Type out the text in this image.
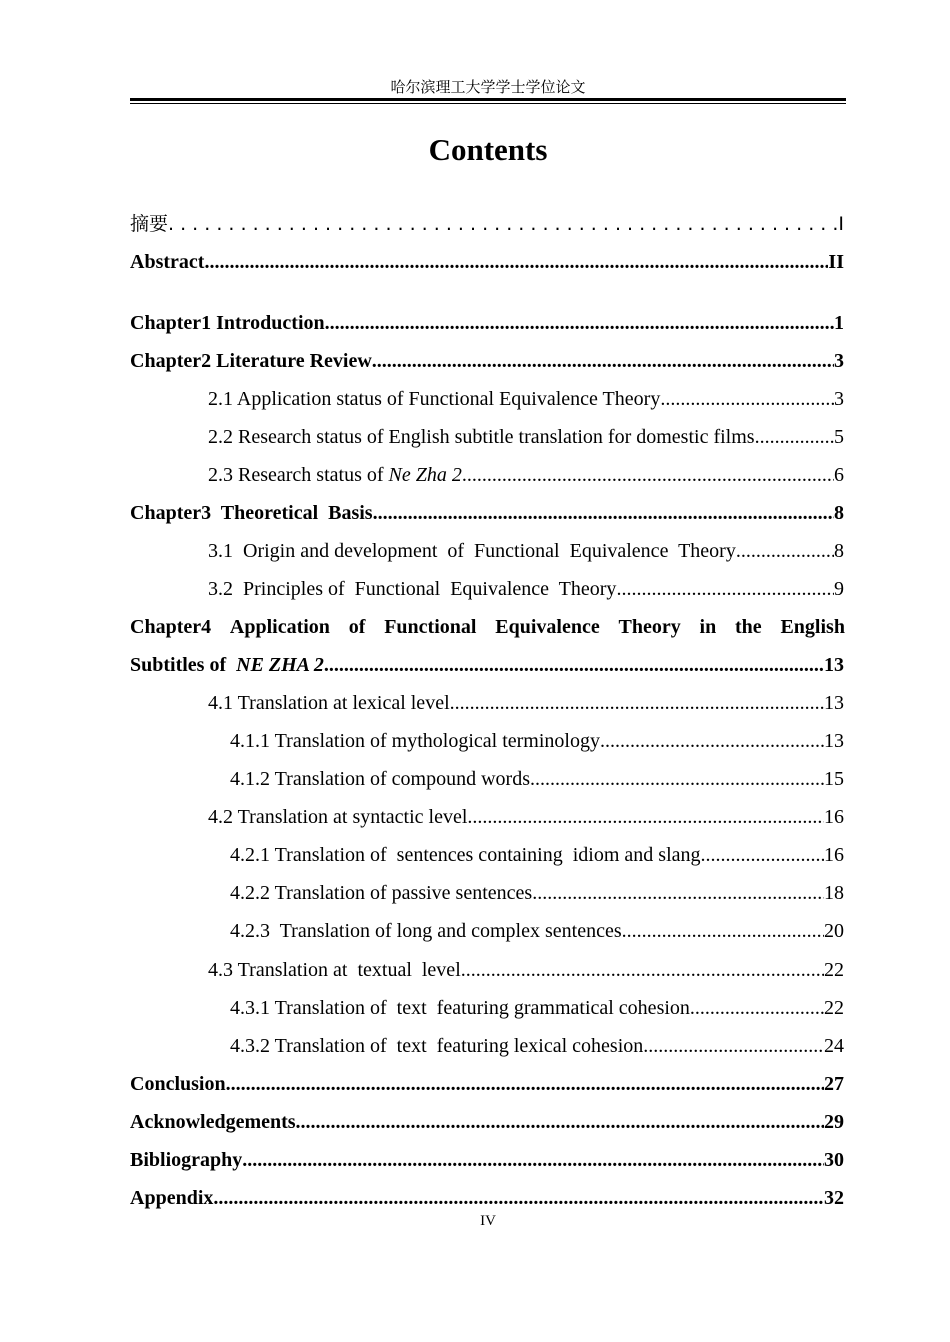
哈尔滨理工大学学士学位论文
Contents
摘要 . . .	I
Abstract .....	II
Chapter1 Introduction .....	1
Chapter2 Literature Review .....	3
2.1 Application status of Functional Equivalence Theory .....	3
2.2 Research status of English subtitle translation for domestic films .....	5
2.3 Research status of Ne Zha 2 .....	6
Chapter3  Theoretical  Basis .....	8
3.1  Origin and development  of  Functional  Equivalence  Theory .....	8
3.2  Principles of  Functional  Equivalence  Theory .....	9
Chapter4 Application of Functional Equivalence Theory in the English
Subtitles of  NE ZHA 2 .....	13
4.1 Translation at lexical level .....	13
4.1.1 Translation of mythological terminology .....	13
4.1.2 Translation of compound words .....	15
4.2 Translation at syntactic level .....	16
4.2.1 Translation of  sentences containing  idiom and slang .....	16
4.2.2 Translation of passive sentences .....	18
4.2.3  Translation of long and complex sentences .....	20
4.3 Translation at  textual  level .....	22
4.3.1 Translation of  text  featuring grammatical cohesion .....	22
4.3.2 Translation of  text  featuring lexical cohesion .....	24
Conclusion .....	27
Acknowledgements .....	29
Bibliography .....	30
Appendix .....	32
IV
